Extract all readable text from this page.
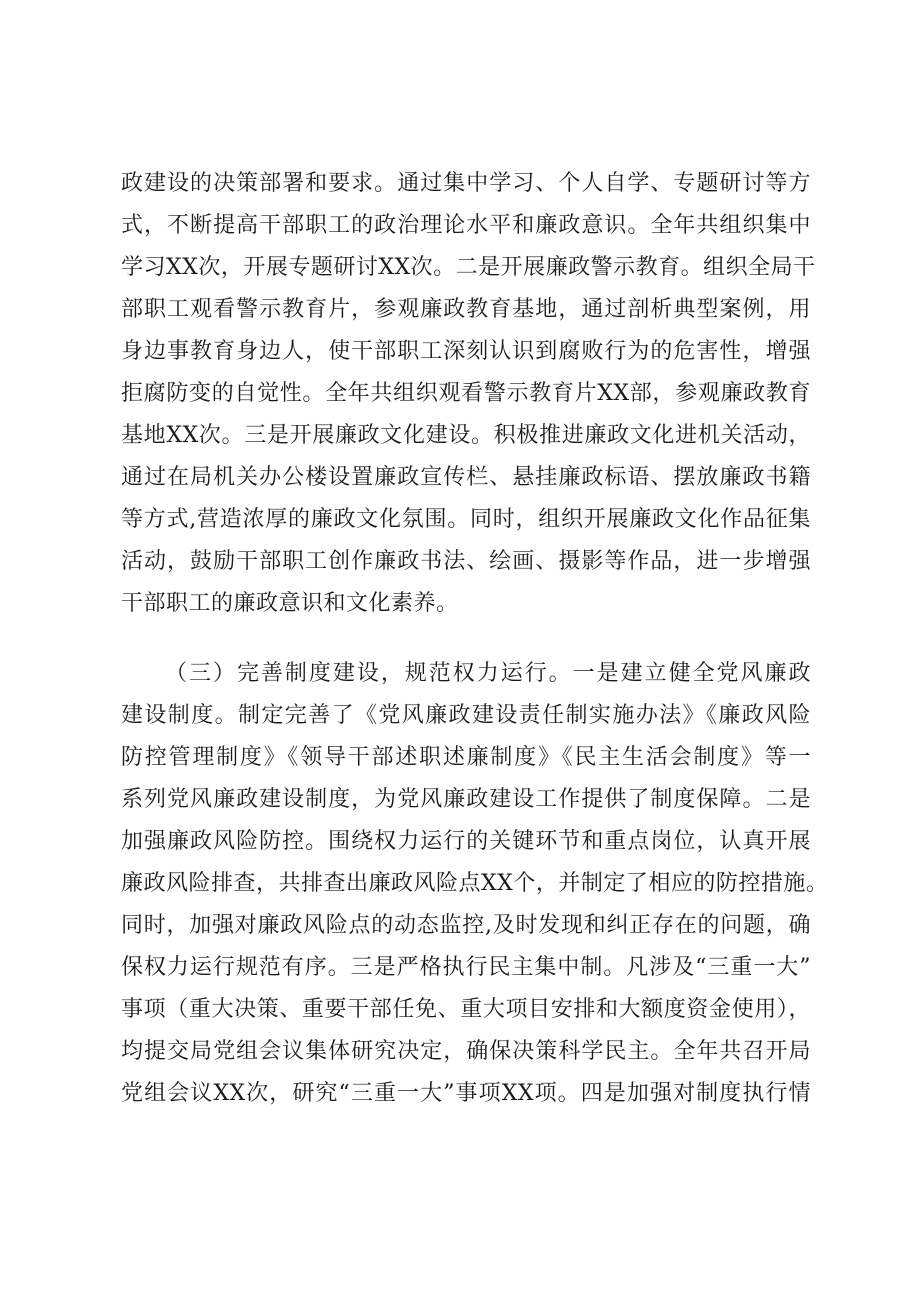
政建设的决策部署和要求。通过集中学习、个人自学、专题研讨等方
式，不断提高干部职工的政治理论水平和廉政意识。全年共组织集中
学习XX次，开展专题研讨XX次。二是开展廉政警示教育。组织全局干
部职工观看警示教育片，参观廉政教育基地，通过剖析典型案例，用
身边事教育身边人，使干部职工深刻认识到腐败行为的危害性，增强
拒腐防变的自觉性。全年共组织观看警示教育片XX部，参观廉政教育
基地XX次。三是开展廉政文化建设。积极推进廉政文化进机关活动，
通过在局机关办公楼设置廉政宣传栏、悬挂廉政标语、摆放廉政书籍
等方式,营造浓厚的廉政文化氛围。同时，组织开展廉政文化作品征集
活动，鼓励干部职工创作廉政书法、绘画、摄影等作品，进一步增强
干部职工的廉政意识和文化素养。
（三）完善制度建设，规范权力运行。一是建立健全党风廉政
建设制度。制定完善了《党风廉政建设责任制实施办法》《廉政风险
防控管理制度》《领导干部述职述廉制度》《民主生活会制度》等一
系列党风廉政建设制度，为党风廉政建设工作提供了制度保障。二是
加强廉政风险防控。围绕权力运行的关键环节和重点岗位，认真开展
廉政风险排查，共排查出廉政风险点XX个，并制定了相应的防控措施。
同时，加强对廉政风险点的动态监控,及时发现和纠正存在的问题，确
保权力运行规范有序。三是严格执行民主集中制。凡涉及“三重一大”
事项（重大决策、重要干部任免、重大项目安排和大额度资金使用），
均提交局党组会议集体研究决定，确保决策科学民主。全年共召开局
党组会议XX次，研究“三重一大”事项XX项。四是加强对制度执行情
